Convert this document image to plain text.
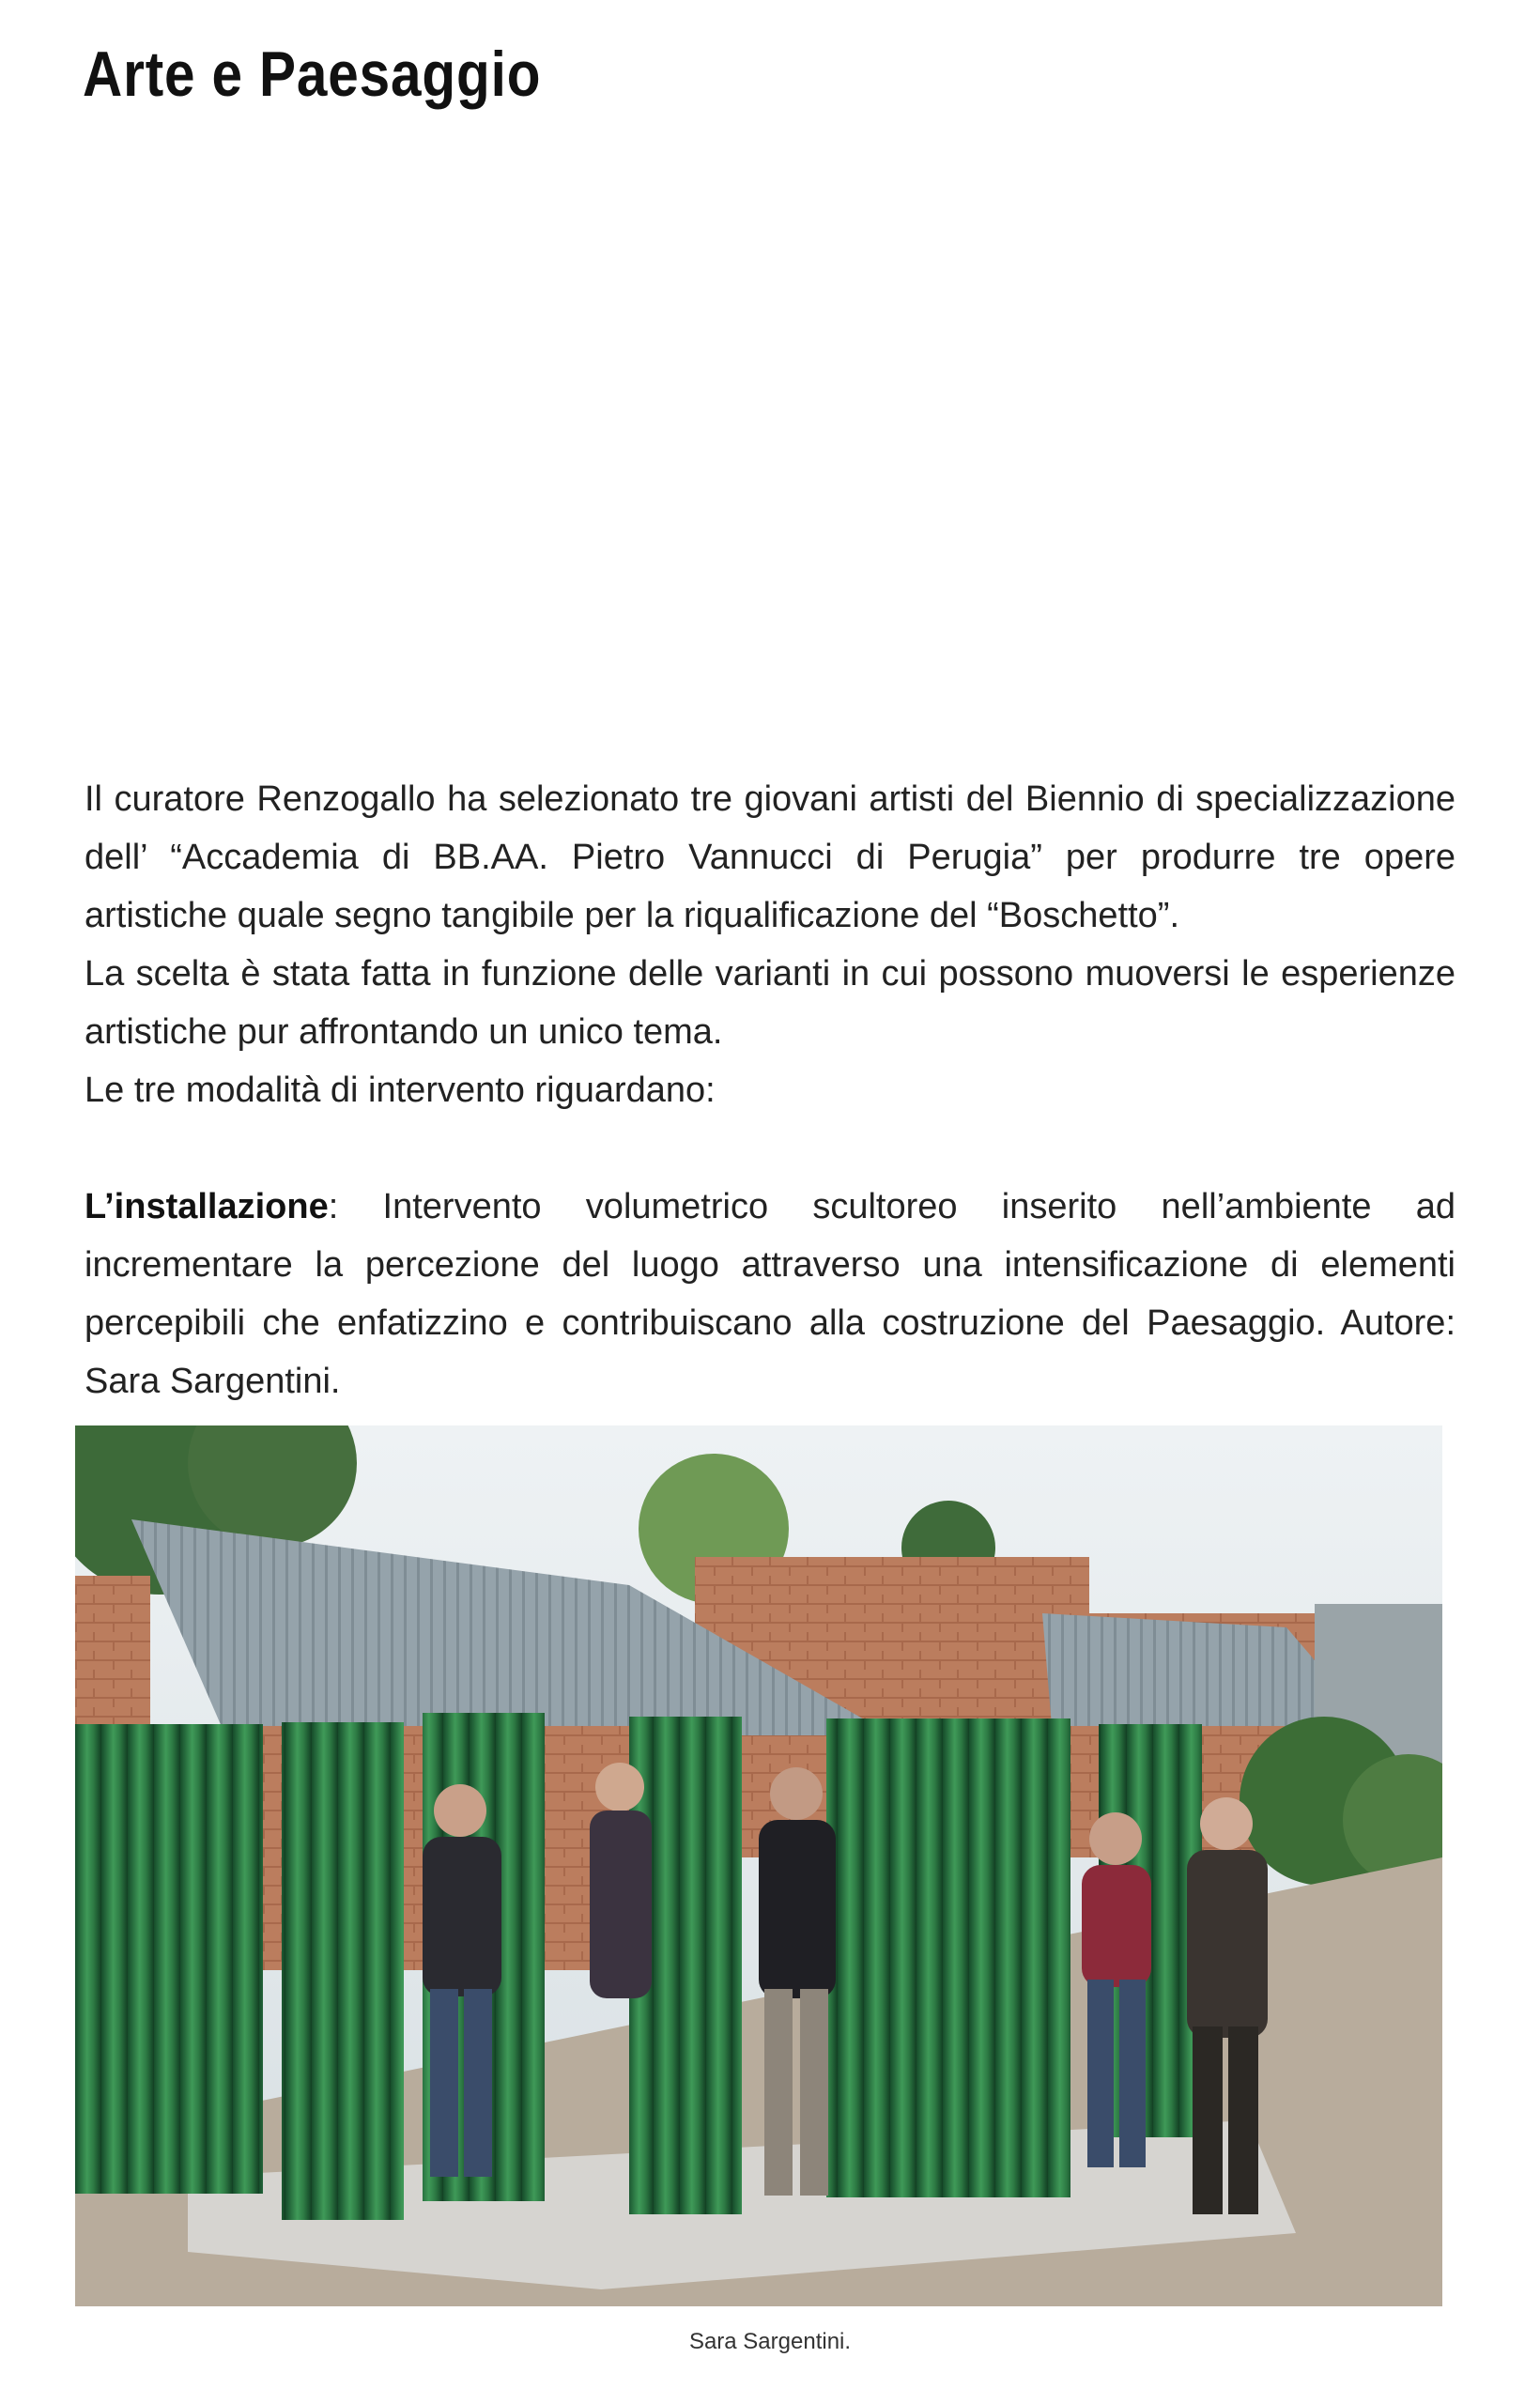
Arte e Paesaggio

Il curatore Renzogallo ha selezionato tre giovani artisti del Biennio di specializzazione dell’ “Accademia di BB.AA. Pietro Vannucci di Perugia” per produrre tre opere artistiche quale segno tangibile per la riqualificazione del “Boschetto”.

La scelta è stata fatta in funzione delle varianti in cui possono muoversi le esperienze artistiche pur affrontando un unico tema.

Le tre modalità di intervento riguardano:

L’installazione: Intervento volumetrico scultoreo inserito nell’ambiente ad incrementare la percezione del luogo attraverso una intensificazione di elementi percepibili che enfatizzino e contribuiscano alla costruzione del Paesaggio. Autore: Sara Sargentini.

Sara Sargentini.
